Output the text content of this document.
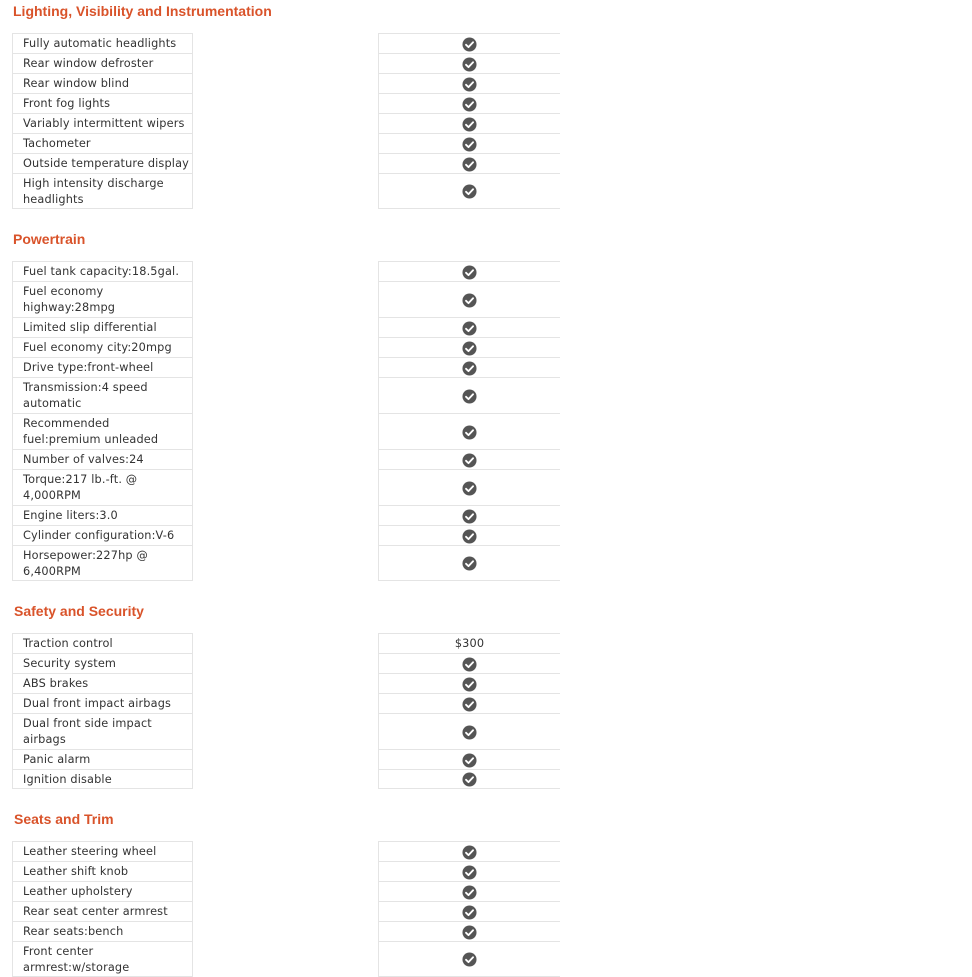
Lighting, Visibility and Instrumentation
Fully automatic headlights
Rear window defroster
Rear window blind
Front fog lights
Variably intermittent wipers
Tachometer
Outside temperature display
High intensity discharge headlights
Powertrain
Fuel tank capacity:18.5gal.
Fuel economy highway:28mpg
Limited slip differential
Fuel economy city:20mpg
Drive type:front-wheel
Transmission:4 speed automatic
Recommended fuel:premium unleaded
Number of valves:24
Torque:217 lb.-ft. @ 4,000RPM
Engine liters:3.0
Cylinder configuration:V-6
Horsepower:227hp @ 6,400RPM
Safety and Security
Traction control	$300
Security system
ABS brakes
Dual front impact airbags
Dual front side impact airbags
Panic alarm
Ignition disable
Seats and Trim
Leather steering wheel
Leather shift knob
Leather upholstery
Rear seat center armrest
Rear seats:bench
Front center armrest:w/storage
